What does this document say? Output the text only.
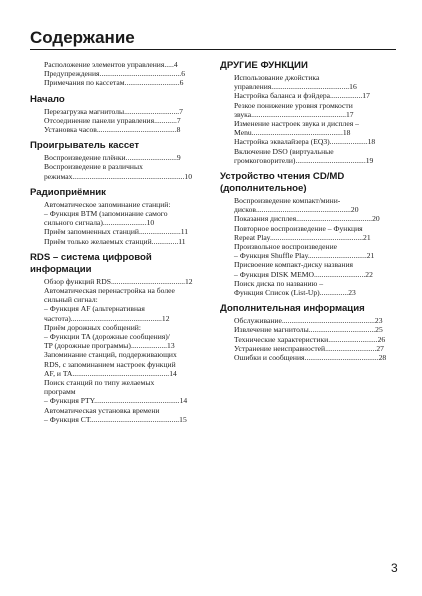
Содержание
Расположение элементов управления.....4
Предупреждения...........................................6
Примечания по кассетам.............................6
Начало
Перезагрузка магнитолы.............................7
Отсоединение панели управления............7
Установка часов..........................................8
Проигрыватель кассет
Воспроизведение плёнки...........................9
Воспроизведение в различных
режимах...........................................................10
Радиоприёмник
Автоматическое запоминание станций:
– Функция BTM (запоминание самого
сильного сигнала).......................10
Приём запомненных станций......................11
Приём только желаемых станций..............11
RDS – система цифровой
информации
Обзор функций RDS.......................................12
Автоматическая перенастройка на более
сильный сигнал:
– Функция AF (альтернативная
частота)................................................12
Приём дорожных сообщений:
– Функции TA (дорожные сообщения)/
TP (дорожные программы)...................13
Запоминание станций, поддерживающих
RDS, с запоминанием настроек функций
AF, и TA...................................................14
Поиск станций по типу желаемых
программ
– Функция PTY.............................................14
Автоматическая установка времени
– Функция CT...............................................15
ДРУГИЕ ФУНКЦИИ
Использование джойстика
управления.........................................16
Настройка баланса и фэйдера.................17
Резкое понижение уровня громкости
звука..................................................17
Изменение настроек звука и дисплея –
Menu................................................18
Настройка эквалайзера (EQ3)....................18
Включение DSO (виртуальные
громкоговорители).....................................19
Устройство чтения CD/MD
(дополнительное)
Воспроизведение компакт/мини-
дисков..................................................20
Показания дисплея........................................20
Повторное воспроизведение – Функция
Repeat Play.................................................21
Произвольное воспроизведение
– Функция Shuffle Play...............................21
Присвоение компакт-диску названия
– Функция DISK MEMO...........................22
Поиск диска по названию –
Функция Список (List-Up)...............23
Дополнительная информация
Обслуживание.................................................23
Извлечение магнитолы...................................25
Технические характеристики..........................26
Устранение неисправностей...........................27
Ошибки и сообщения.......................................28
3
